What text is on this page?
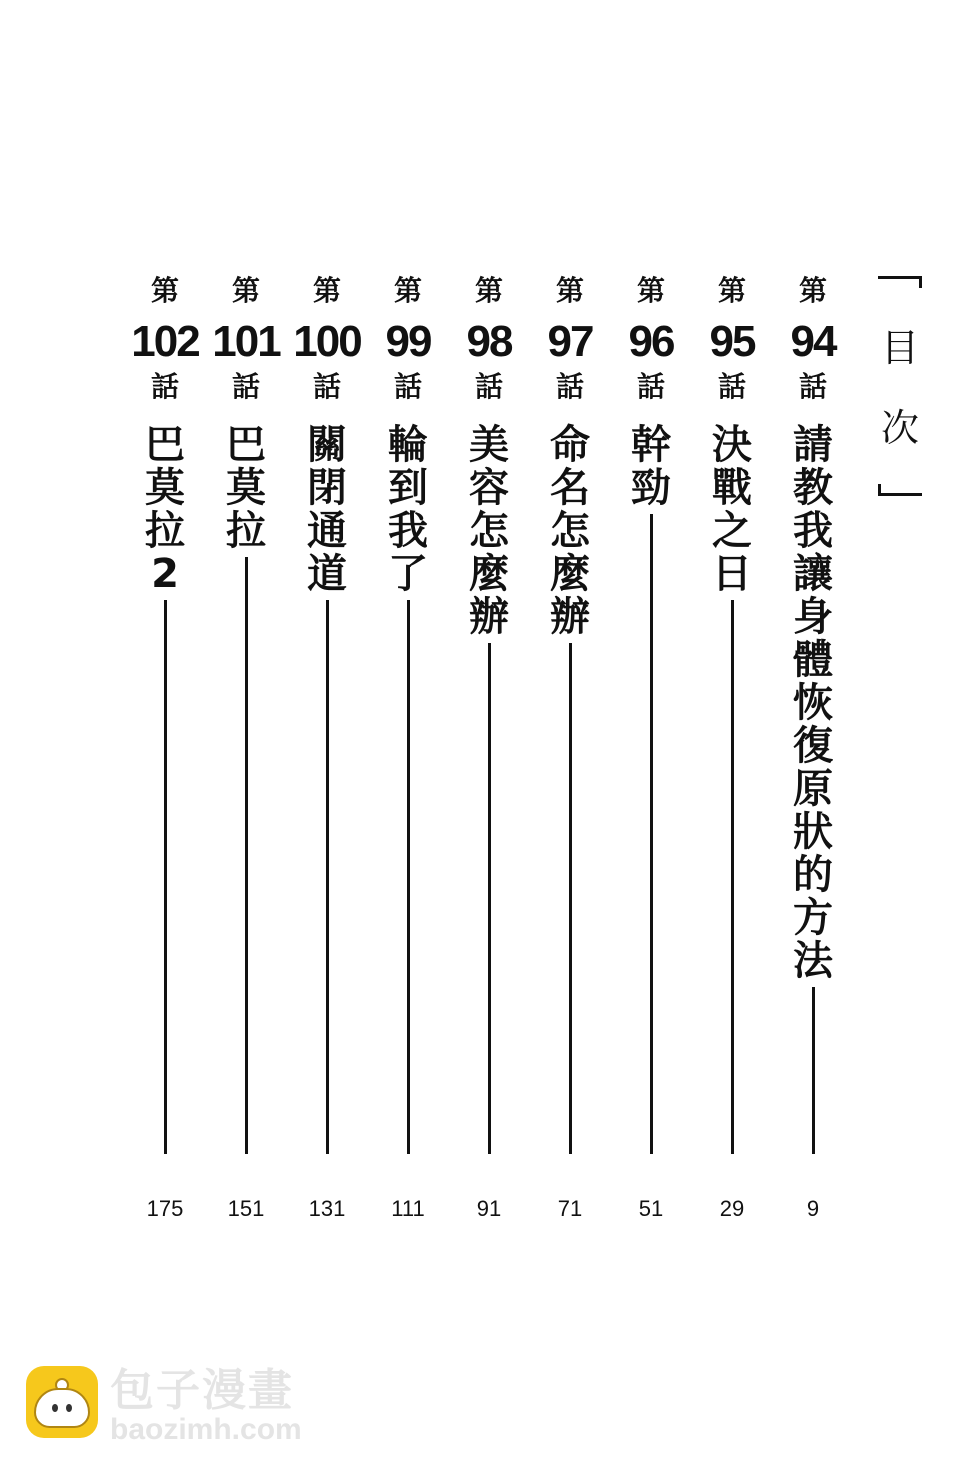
目
次
第
94
話
請
教
我
讓
身
體
恢
復
原
狀
的
方
法
9
第
95
話
決
戰
之
日
29
第
96
話
幹
勁
51
第
97
話
命
名
怎
麼
辦
71
第
98
話
美
容
怎
麼
辦
91
第
99
話
輪
到
我
了
111
第
100
話
關
閉
通
道
131
第
101
話
巴
莫
拉
151
第
102
話
巴
莫
拉
2
175
包子漫畫
baozimh.com
